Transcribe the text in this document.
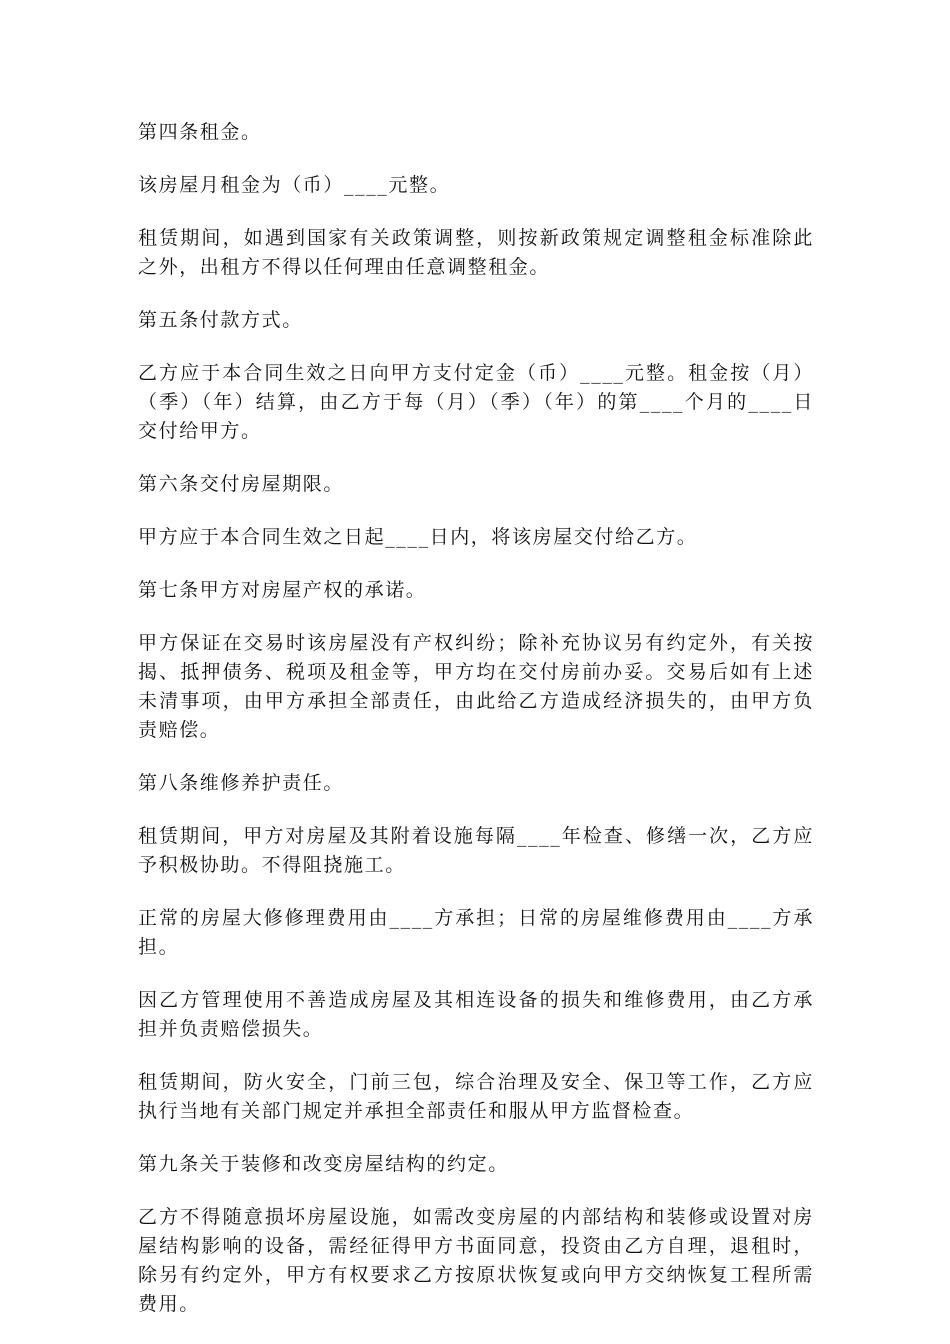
第四条租金。

该房屋月租金为（币）____元整。

租赁期间，如遇到国家有关政策调整，则按新政策规定调整租金标准除此之外，出租方不得以任何理由任意调整租金。

第五条付款方式。

乙方应于本合同生效之日向甲方支付定金（币）____元整。租金按（月）（季）（年）结算，由乙方于每（月）（季）（年）的第____个月的____日交付给甲方。

第六条交付房屋期限。

甲方应于本合同生效之日起____日内，将该房屋交付给乙方。

第七条甲方对房屋产权的承诺。

甲方保证在交易时该房屋没有产权纠纷；除补充协议另有约定外，有关按揭、抵押债务、税项及租金等，甲方均在交付房前办妥。交易后如有上述未清事项，由甲方承担全部责任，由此给乙方造成经济损失的，由甲方负责赔偿。

第八条维修养护责任。

租赁期间，甲方对房屋及其附着设施每隔____年检查、修缮一次，乙方应予积极协助。不得阻挠施工。

正常的房屋大修修理费用由____方承担；日常的房屋维修费用由____方承担。

因乙方管理使用不善造成房屋及其相连设备的损失和维修费用，由乙方承担并负责赔偿损失。

租赁期间，防火安全，门前三包，综合治理及安全、保卫等工作，乙方应执行当地有关部门规定并承担全部责任和服从甲方监督检查。

第九条关于装修和改变房屋结构的约定。

乙方不得随意损坏房屋设施，如需改变房屋的内部结构和装修或设置对房屋结构影响的设备，需经征得甲方书面同意，投资由乙方自理，退租时，除另有约定外，甲方有权要求乙方按原状恢复或向甲方交纳恢复工程所需费用。
